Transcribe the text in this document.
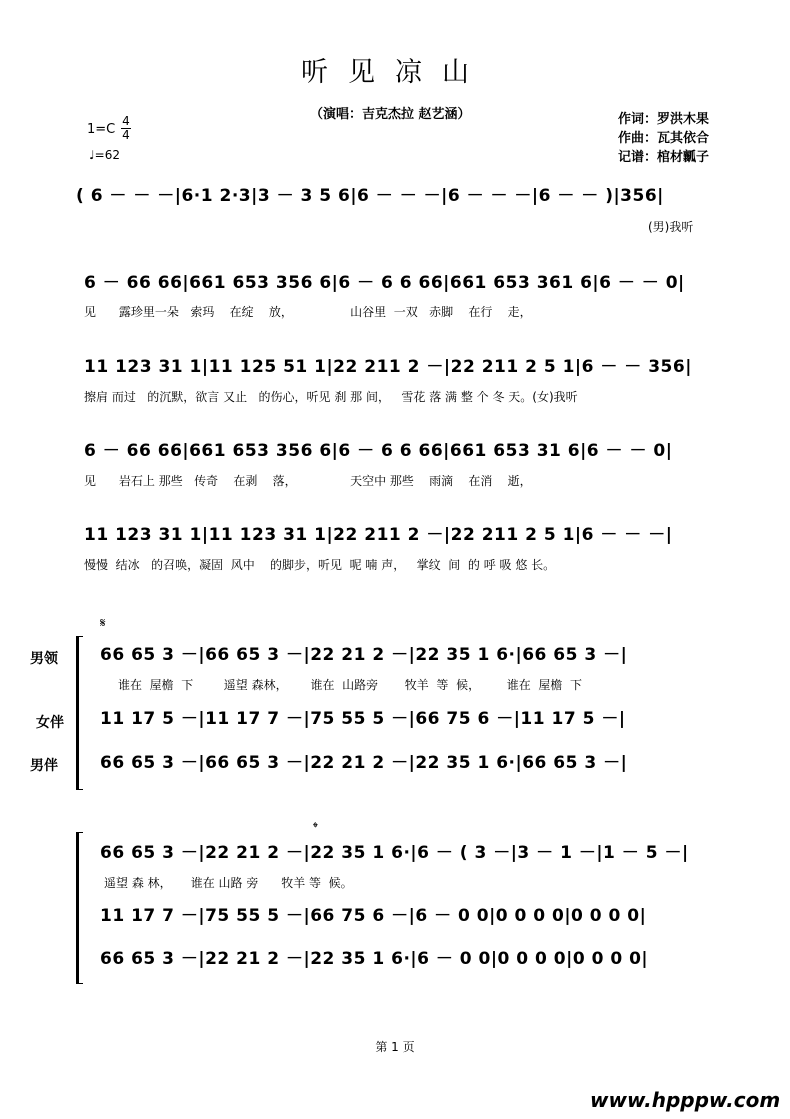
听见凉山
（演唱：吉克杰拉 赵艺涵）	作词：罗洪木果
作曲：瓦其依合
记谱：棺材瓤子
1=C
4
4
♩=62
( 6 － － －|6·1 2·3|3 － 3 5 6|6 － － －|6 － － －|6 － － )|356|
(男)我听
6 － 66 66|661 653 356 6|6 － 6 6 66|661 653 361 6|6 － － 0|
见      露珍里一朵   索玛    在绽    放，               山谷里  一双   赤脚    在行    走，
11 123 31 1|11 125 51 1|22 211 2 －|22 211 2 5 1|6 － － 356|
擦肩 而过   的沉默，欲言 又止   的伤心，听见 刹 那 间，   雪花 落 满 整 个 冬 天。(女)我听
6 － 66 66|661 653 356 6|6 － 6 6 66|661 653 31 6|6 － － 0|
见      岩石上 那些   传奇    在剥    落，              天空中 那些    雨滴    在消    逝，
11 123 31 1|11 123 31 1|22 211 2 －|22 211 2 5 1|6 － － －|
慢慢  结冰   的召唤，凝固  风中    的脚步，听见  呢 喃 声，   掌纹  间  的 呼 吸 悠 长。
𝄋
男领
女伴
男伴
66 65 3 －|66 65 3 －|22 21 2 －|22 35 1 6·|66 65 3 －|
谁在  屋檐  下        遥望 森林，      谁在  山路旁       牧羊  等  候，       谁在  屋檐  下
11 17 5 －|11 17 7 －|75 55 5 －|66 75 6 －|11 17 5 －|
66 65 3 －|66 65 3 －|22 21 2 －|22 35 1 6·|66 65 3 －|
𝄌
66 65 3 －|22 21 2 －|22 35 1 6·|6 － ( 3 －|3 － 1 －|1 － 5 －|
遥望 森 林，     谁在 山路 旁      牧羊 等  候。
11 17 7 －|75 55 5 －|66 75 6 －|6 － 0 0|0 0 0 0|0 0 0 0|
66 65 3 －|22 21 2 －|22 35 1 6·|6 － 0 0|0 0 0 0|0 0 0 0|
第 1 页
www.hpppw.com
